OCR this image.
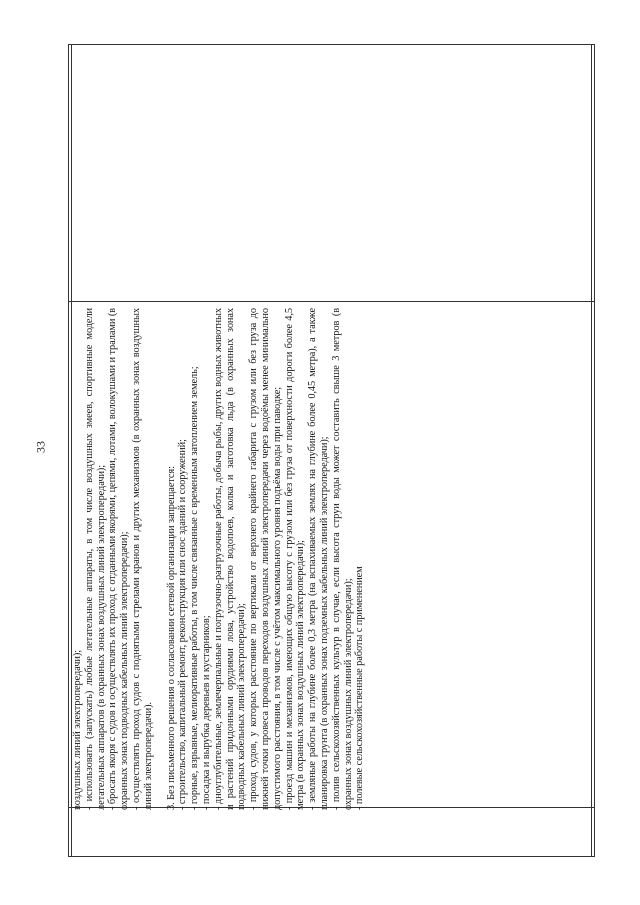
33

воздушных линий электропередачи); - использовать (запускать) любые летательные аппараты, в том числе воздушных змеев, спортивные модели летательных аппаратов (в охранных зонах воздушных линий электропередачи); - бросать якоря с судов и осуществлять их проход с отданными якорями, цепями, лотами, волокушами и тралами (в охранных зонах подводных кабельных линий электропередачи); - осуществлять проход судов с поднятыми стрелами кранов и других механизмов (в охранных зонах воздушных линий электропередачи). 3. Без письменного решения о согласовании сетевой организации запрещается: - строительство, капитальный ремонт, реконструкция или снос зданий и сооружений; - горные, взрывные, мелиоративные работы, в том числе связанные с временным затоплением земель; - посадка и вырубка деревьев и кустарников; - дноуглубительные, землечерпальные и погрузочно-разгрузочные работы, добыча рыбы, других водных животных и растений придонными орудиями лова, устройство водопоев, колка и заготовка льда (в охранных зонах подводных кабельных линий электропередачи); - проход судов, у которых расстояние по вертикали от верхнего крайнего габарита с грузом или без груза до нижней точки провеса проводов переходов воздушных линий электропередачи через водоёмы менее минимально допустимого расстояния, в том числе с учётом максимального уровня подъёма воды при паводке; - проезд машин и механизмов, имеющих общую высоту с грузом или без груза от поверхности дороги более 4,5 метра (в охранных зонах воздушных линий электропередачи); - земляные работы на глубине более 0,3 метра (на вспахиваемых землях на глубине более 0,45 метра), а также планировка грунта (в охранных зонах подземных кабельных линий электропередачи); - полив сельскохозяйственных культур в случае, если высота струи воды может составить свыше 3 метров (в охранных зонах воздушных линий электропередачи); - полевые сельскохозяйственные работы с применением
